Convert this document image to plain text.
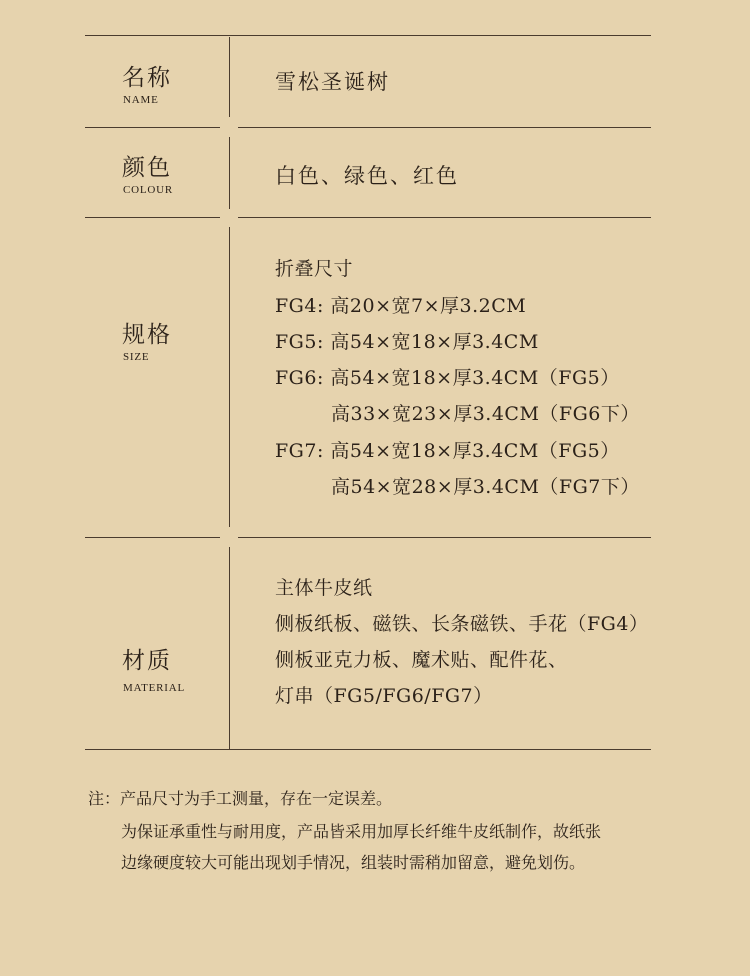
名称
NAME
雪松圣诞树
颜色
COLOUR
白色、绿色、红色
规格
SIZE
折叠尺寸
FG4: 高20×宽7×厚3.2CM
FG5: 高54×宽18×厚3.4CM
FG6: 高54×宽18×厚3.4CM（FG5）
高33×宽23×厚3.4CM（FG6下）
FG7: 高54×宽18×厚3.4CM（FG5）
高54×宽28×厚3.4CM（FG7下）
材质
MATERIAL
主体牛皮纸
侧板纸板、磁铁、长条磁铁、手花（FG4）
侧板亚克力板、魔术贴、配件花、
灯串（FG5/FG6/FG7）
注：产品尺寸为手工测量，存在一定误差。
为保证承重性与耐用度，产品皆采用加厚长纤维牛皮纸制作，故纸张
边缘硬度较大可能出现划手情况，组装时需稍加留意，避免划伤。
